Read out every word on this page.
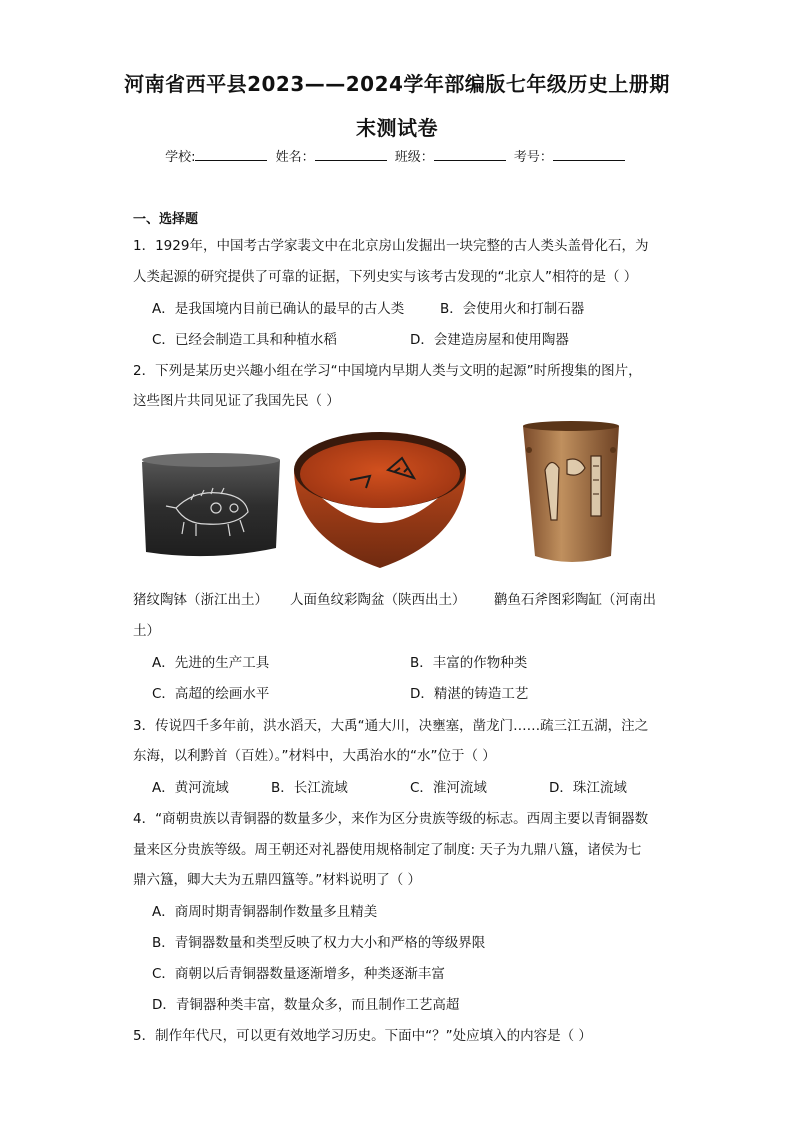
河南省西平县2023——2024学年部编版七年级历史上册期
末测试卷
学校:	姓名：	班级：	考号：
一、选择题
1．1929年，中国考古学家裴文中在北京房山发掘出一块完整的古人类头盖骨化石，为
人类起源的研究提供了可靠的证据，下列史实与该考古发现的“北京人”相符的是（ ）
A．是我国境内目前已确认的最早的古人类	B．会使用火和打制石器
C．已经会制造工具和种植水稻	D．会建造房屋和使用陶器
2．下列是某历史兴趣小组在学习“中国境内早期人类与文明的起源”时所搜集的图片，
这些图片共同见证了我国先民（ ）
猪纹陶钵（浙江出土） 人面鱼纹彩陶盆（陕西出土） 鹳鱼石斧图彩陶缸（河南出
土）
A．先进的生产工具	B．丰富的作物种类
C．高超的绘画水平	D．精湛的铸造工艺
3．传说四千多年前，洪水滔天，大禹“通大川，决壅塞，凿龙门……疏三江五湖，注之
东海，以利黔首（百姓）。”材料中，大禹治水的“水”位于（ ）
A．黄河流域	B．长江流域	C．淮河流域	D．珠江流域
4．“商朝贵族以青铜器的数量多少，来作为区分贵族等级的标志。西周主要以青铜器数
量来区分贵族等级。周王朝还对礼器使用规格制定了制度: 天子为九鼎八簋，诸侯为七
鼎六簋，卿大夫为五鼎四簋等。”材料说明了（ ）
A．商周时期青铜器制作数量多且精美
B．青铜器数量和类型反映了权力大小和严格的等级界限
C．商朝以后青铜器数量逐渐增多，种类逐渐丰富
D．青铜器种类丰富，数量众多，而且制作工艺高超
5．制作年代尺，可以更有效地学习历史。下面中“？”处应填入的内容是（ ）
